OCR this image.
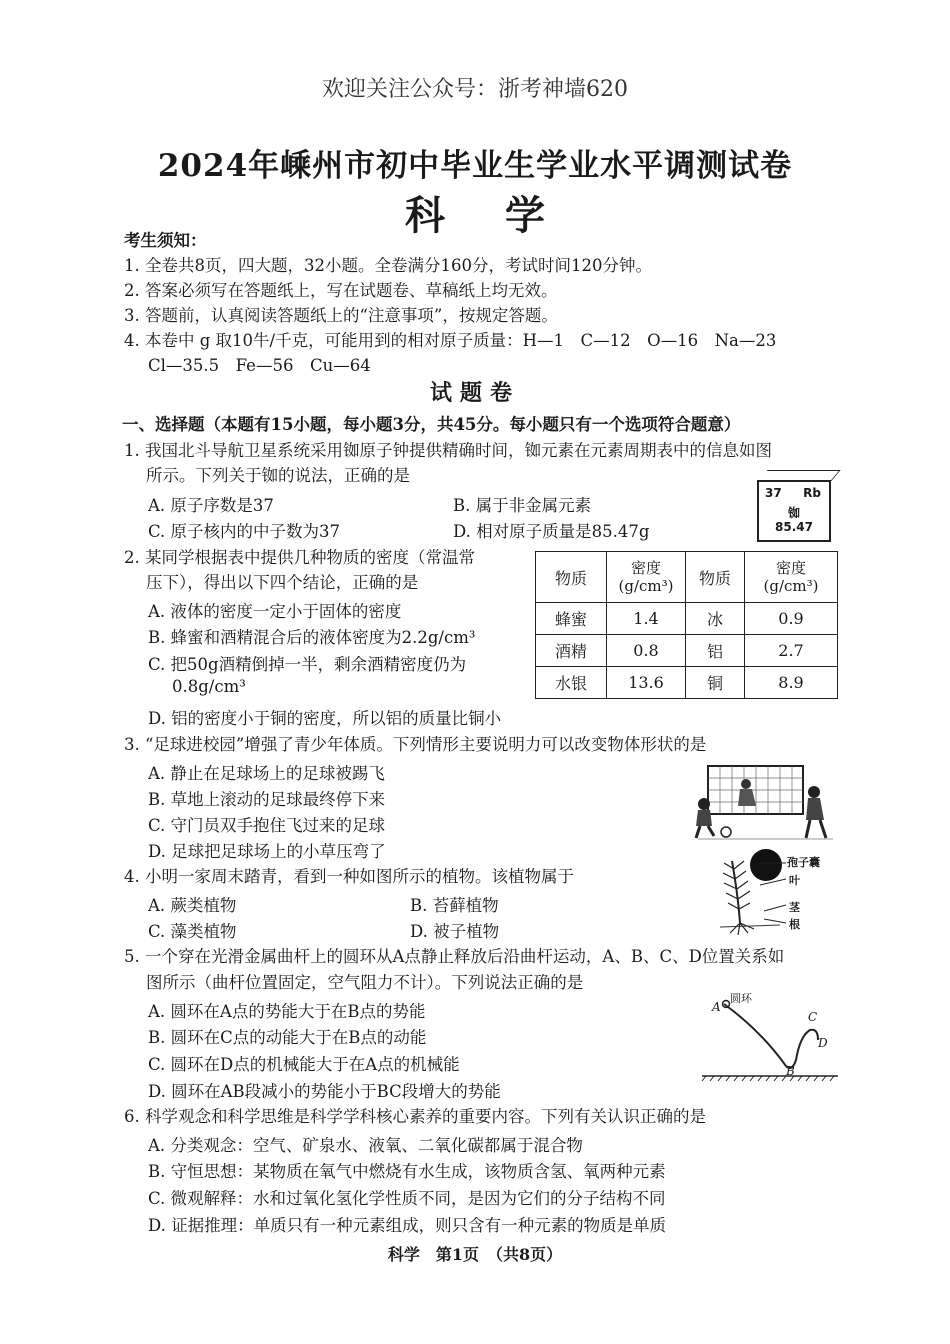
欢迎关注公众号：浙考神墙620
2024年嵊州市初中毕业生学业水平调测试卷
科学
考生须知：
1. 全卷共8页，四大题，32小题。全卷满分160分，考试时间120分钟。
2. 答案必须写在答题纸上，写在试题卷、草稿纸上均无效。
3. 答题前，认真阅读答题纸上的“注意事项”，按规定答题。
4. 本卷中 g 取10牛/千克，可能用到的相对原子质量：H—1　C—12　O—16　Na—23
Cl—35.5　Fe—56　Cu—64
试题卷
一、选择题（本题有15小题，每小题3分，共45分。每小题只有一个选项符合题意）
1. 我国北斗导航卫星系统采用铷原子钟提供精确时间，铷元素在元素周期表中的信息如图
所示。下列关于铷的说法，正确的是
A. 原子序数是37	B. 属于非金属元素
C. 原子核内的中子数为37	D. 相对原子质量是85.47g
37 Rb
铷
85.47
2. 某同学根据表中提供几种物质的密度（常温常
压下），得出以下四个结论，正确的是
A. 液体的密度一定小于固体的密度
B. 蜂蜜和酒精混合后的液体密度为2.2g/cm³
C. 把50g酒精倒掉一半，剩余酒精密度仍为
0.8g/cm³
D. 铝的密度小于铜的密度，所以铝的质量比铜小
物质	密度
(g/cm³)	物质	密度
(g/cm³)
蜂蜜	1.4	冰	0.9
酒精	0.8	铝	2.7
水银	13.6	铜	8.9
3. “足球进校园”增强了青少年体质。下列情形主要说明力可以改变物体形状的是
A. 静止在足球场上的足球被踢飞
B. 草地上滚动的足球最终停下来
C. 守门员双手抱住飞过来的足球
D. 足球把足球场上的小草压弯了
4. 小明一家周末踏青，看到一种如图所示的植物。该植物属于
A. 蕨类植物	B. 苔藓植物
C. 藻类植物	D. 被子植物
孢子囊
叶
茎
根
5. 一个穿在光滑金属曲杆上的圆环从A点静止释放后沿曲杆运动，A、B、C、D位置关系如
图所示（曲杆位置固定，空气阻力不计）。下列说法正确的是
A. 圆环在A点的势能大于在B点的势能
B. 圆环在C点的动能大于在B点的动能
C. 圆环在D点的机械能大于在A点的机械能
D. 圆环在AB段减小的势能小于BC段增大的势能
圆环
A
B
C
D
6. 科学观念和科学思维是科学学科核心素养的重要内容。下列有关认识正确的是
A. 分类观念：空气、矿泉水、液氧、二氧化碳都属于混合物
B. 守恒思想：某物质在氧气中燃烧有水生成，该物质含氢、氧两种元素
C. 微观解释：水和过氧化氢化学性质不同，是因为它们的分子结构不同
D. 证据推理：单质只有一种元素组成，则只含有一种元素的物质是单质
科学　第1页　（共8页）
